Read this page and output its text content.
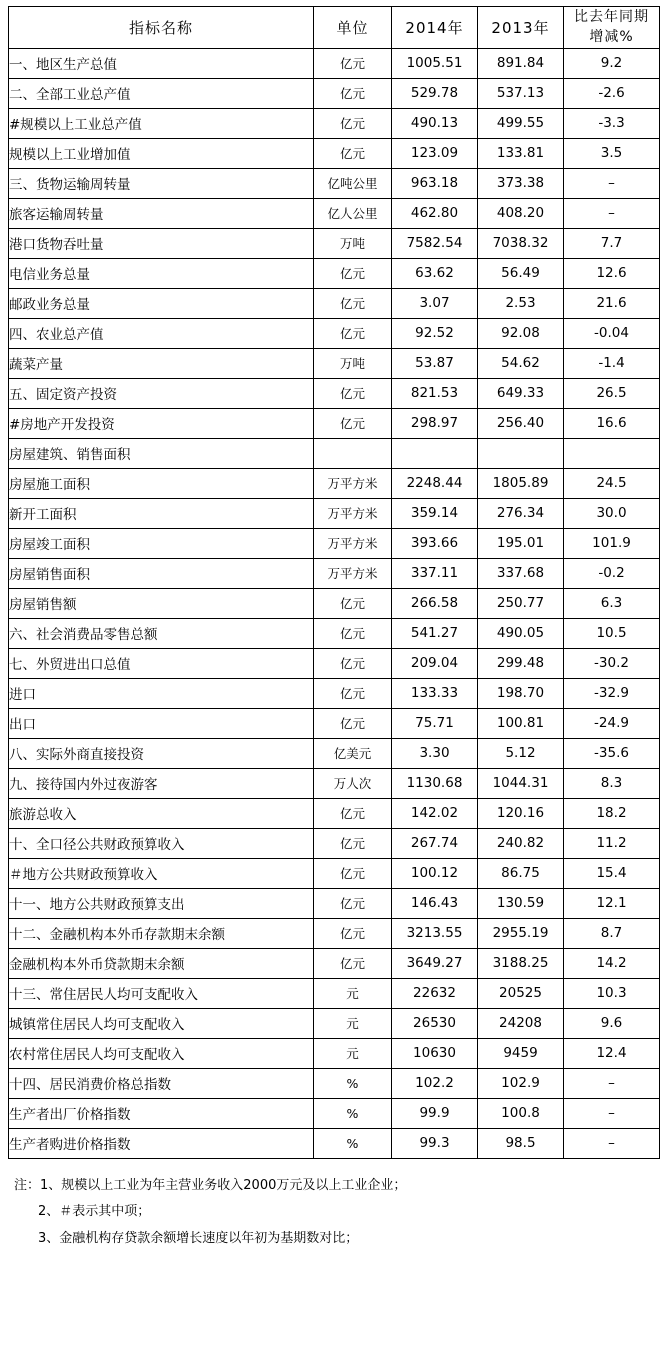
指标名称	单位	2014年	2013年	比去年同期增减%
一、地区生产总值	亿元	1005.51	891.84	9.2
二、全部工业总产值	亿元	529.78	537.13	-2.6
#规模以上工业总产值	亿元	490.13	499.55	-3.3
规模以上工业增加值	亿元	123.09	133.81	3.5
三、货物运输周转量	亿吨公里	963.18	373.38	–
旅客运输周转量	亿人公里	462.80	408.20	–
港口货物吞吐量	万吨	7582.54	7038.32	7.7
电信业务总量	亿元	63.62	56.49	12.6
邮政业务总量	亿元	3.07	2.53	21.6
四、农业总产值	亿元	92.52	92.08	-0.04
蔬菜产量	万吨	53.87	54.62	-1.4
五、固定资产投资	亿元	821.53	649.33	26.5
#房地产开发投资	亿元	298.97	256.40	16.6
房屋建筑、销售面积				
房屋施工面积	万平方米	2248.44	1805.89	24.5
新开工面积	万平方米	359.14	276.34	30.0
房屋竣工面积	万平方米	393.66	195.01	101.9
房屋销售面积	万平方米	337.11	337.68	-0.2
房屋销售额	亿元	266.58	250.77	6.3
六、社会消费品零售总额	亿元	541.27	490.05	10.5
七、外贸进出口总值	亿元	209.04	299.48	-30.2
进口	亿元	133.33	198.70	-32.9
出口	亿元	75.71	100.81	-24.9
八、实际外商直接投资	亿美元	3.30	5.12	-35.6
九、接待国内外过夜游客	万人次	1130.68	1044.31	8.3
旅游总收入	亿元	142.02	120.16	18.2
十、全口径公共财政预算收入	亿元	267.74	240.82	11.2
＃地方公共财政预算收入	亿元	100.12	86.75	15.4
十一、地方公共财政预算支出	亿元	146.43	130.59	12.1
十二、金融机构本外币存款期末余额	亿元	3213.55	2955.19	8.7
金融机构本外币贷款期末余额	亿元	3649.27	3188.25	14.2
十三、常住居民人均可支配收入	元	22632	20525	10.3
城镇常住居民人均可支配收入	元	26530	24208	9.6
农村常住居民人均可支配收入	元	10630	9459	12.4
十四、居民消费价格总指数	%	102.2	102.9	–
生产者出厂价格指数	%	99.9	100.8	–
生产者购进价格指数	%	99.3	98.5	–
注：1、规模以上工业为年主营业务收入2000万元及以上工业企业；
2、＃表示其中项；
3、金融机构存贷款余额增长速度以年初为基期数对比；
